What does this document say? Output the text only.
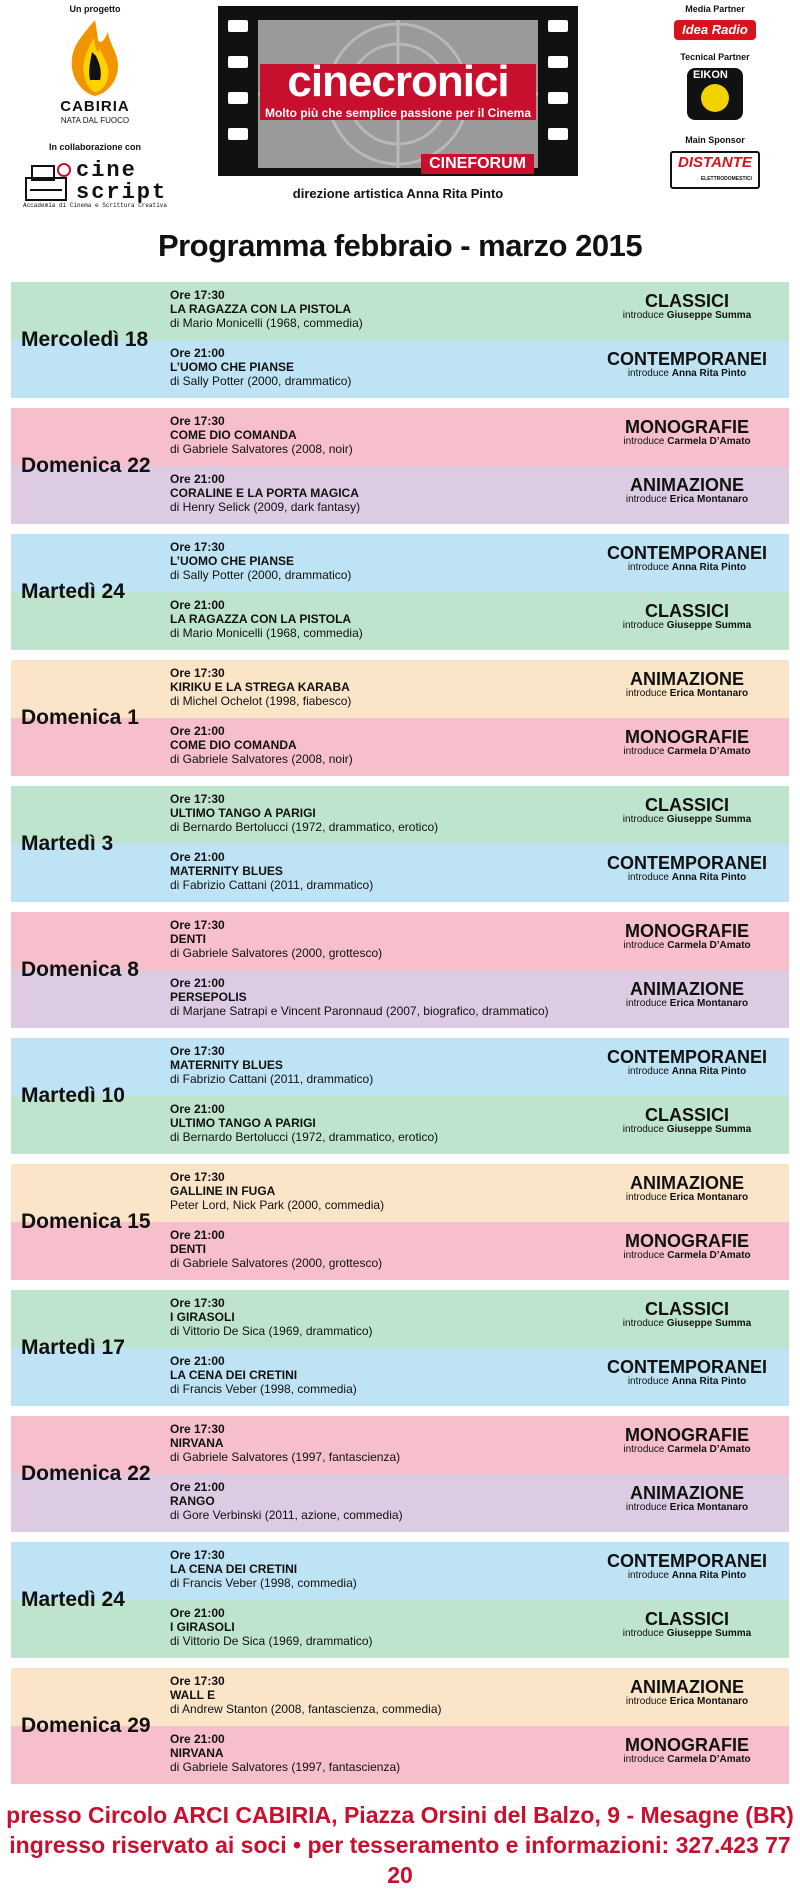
Un progetto
CABIRIA
NATA DAL FUOCO
In collaborazione con
cine script
Accademia di Cinema e Scrittura Creativa
cinecronici
Molto più che semplice passione per il Cinema
CINEFORUM
direzione artistica Anna Rita Pinto
Media Partner
Idea Radio
Tecnical Partner
EIKON
Main Sponsor
DISTANTE
ELETTRODOMESTICI
Programma febbraio - marzo 2015
Ore 17:30
LA RAGAZZA CON LA PISTOLA
di Mario Monicelli (1968, commedia)
CLASSICI
introduce Giuseppe Summa
Ore 21:00
L’UOMO CHE PIANSE
di Sally Potter (2000, drammatico)
CONTEMPORANEI
introduce Anna Rita Pinto
Mercoledì 18
Ore 17:30
COME DIO COMANDA
di Gabriele Salvatores (2008, noir)
MONOGRAFIE
introduce Carmela D’Amato
Ore 21:00
CORALINE E LA PORTA MAGICA
di Henry Selick (2009, dark fantasy)
ANIMAZIONE
introduce Erica Montanaro
Domenica 22
Ore 17:30
L’UOMO CHE PIANSE
di Sally Potter (2000, drammatico)
CONTEMPORANEI
introduce Anna Rita Pinto
Ore 21:00
LA RAGAZZA CON LA PISTOLA
di Mario Monicelli (1968, commedia)
CLASSICI
introduce Giuseppe Summa
Martedì 24
Ore 17:30
KIRIKU E LA STREGA KARABA
di Michel Ochelot (1998, fiabesco)
ANIMAZIONE
introduce Erica Montanaro
Ore 21:00
COME DIO COMANDA
di Gabriele Salvatores (2008, noir)
MONOGRAFIE
introduce Carmela D’Amato
Domenica 1
Ore 17:30
ULTIMO TANGO A PARIGI
di Bernardo Bertolucci (1972, drammatico, erotico)
CLASSICI
introduce Giuseppe Summa
Ore 21:00
MATERNITY BLUES
di Fabrizio Cattani (2011, drammatico)
CONTEMPORANEI
introduce Anna Rita Pinto
Martedì 3
Ore 17:30
DENTI
di Gabriele Salvatores (2000, grottesco)
MONOGRAFIE
introduce Carmela D’Amato
Ore 21:00
PERSEPOLIS
di Marjane Satrapi e Vincent Paronnaud (2007, biografico, drammatico)
ANIMAZIONE
introduce Erica Montanaro
Domenica 8
Ore 17:30
MATERNITY BLUES
di Fabrizio Cattani (2011, drammatico)
CONTEMPORANEI
introduce Anna Rita Pinto
Ore 21:00
ULTIMO TANGO A PARIGI
di Bernardo Bertolucci (1972, drammatico, erotico)
CLASSICI
introduce Giuseppe Summa
Martedì 10
Ore 17:30
GALLINE IN FUGA
Peter Lord, Nick Park (2000, commedia)
ANIMAZIONE
introduce Erica Montanaro
Ore 21:00
DENTI
di Gabriele Salvatores (2000, grottesco)
MONOGRAFIE
introduce Carmela D’Amato
Domenica 15
Ore 17:30
I GIRASOLI
di Vittorio De Sica (1969, drammatico)
CLASSICI
introduce Giuseppe Summa
Ore 21:00
LA CENA DEI CRETINI
di Francis Veber (1998, commedia)
CONTEMPORANEI
introduce Anna Rita Pinto
Martedì 17
Ore 17:30
NIRVANA
di Gabriele Salvatores (1997, fantascienza)
MONOGRAFIE
introduce Carmela D’Amato
Ore 21:00
RANGO
di Gore Verbinski (2011, azione, commedia)
ANIMAZIONE
introduce Erica Montanaro
Domenica 22
Ore 17:30
LA CENA DEI CRETINI
di Francis Veber (1998, commedia)
CONTEMPORANEI
introduce Anna Rita Pinto
Ore 21:00
I GIRASOLI
di Vittorio De Sica (1969, drammatico)
CLASSICI
introduce Giuseppe Summa
Martedì 24
Ore 17:30
WALL E
di Andrew Stanton (2008, fantascienza, commedia)
ANIMAZIONE
introduce Erica Montanaro
Ore 21:00
NIRVANA
di Gabriele Salvatores (1997, fantascienza)
MONOGRAFIE
introduce Carmela D’Amato
Domenica 29
presso Circolo ARCI CABIRIA, Piazza Orsini del Balzo, 9 - Mesagne (BR)
ingresso riservato ai soci • per tesseramento e informazioni: 327.423 77 20
